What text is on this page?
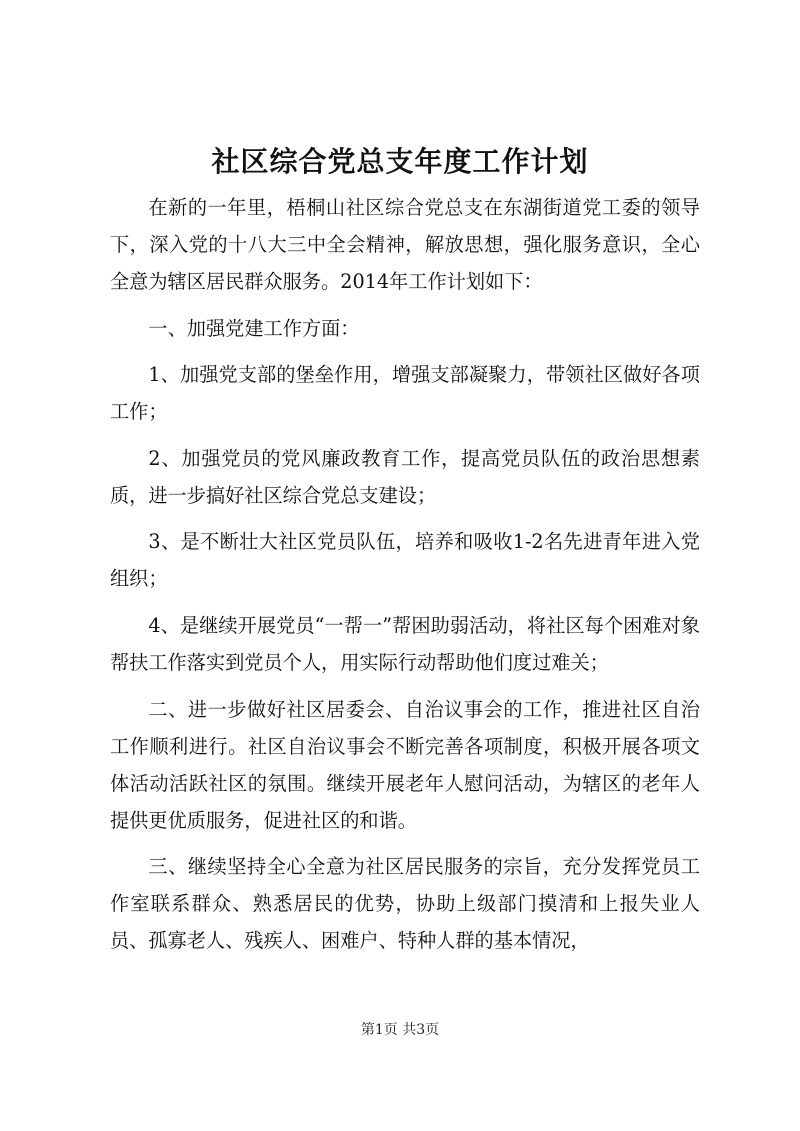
社区综合党总支年度工作计划

在新的一年里，梧桐山社区综合党总支在东湖街道党工委的领导下，深入党的十八大三中全会精神，解放思想，强化服务意识，全心全意为辖区居民群众服务。2014年工作计划如下：

一、加强党建工作方面：

1、加强党支部的堡垒作用，增强支部凝聚力，带领社区做好各项工作；

2、加强党员的党风廉政教育工作，提高党员队伍的政治思想素质，进一步搞好社区综合党总支建设；

3、是不断壮大社区党员队伍，培养和吸收1-2名先进青年进入党组织；

4、是继续开展党员“一帮一”帮困助弱活动，将社区每个困难对象帮扶工作落实到党员个人，用实际行动帮助他们度过难关；

二、进一步做好社区居委会、自治议事会的工作，推进社区自治工作顺利进行。社区自治议事会不断完善各项制度，积极开展各项文体活动活跃社区的氛围。继续开展老年人慰问活动，为辖区的老年人提供更优质服务，促进社区的和谐。

三、继续坚持全心全意为社区居民服务的宗旨，充分发挥党员工作室联系群众、熟悉居民的优势，协助上级部门摸清和上报失业人员、孤寡老人、残疾人、困难户、特种人群的基本情况，

第1页 共3页
